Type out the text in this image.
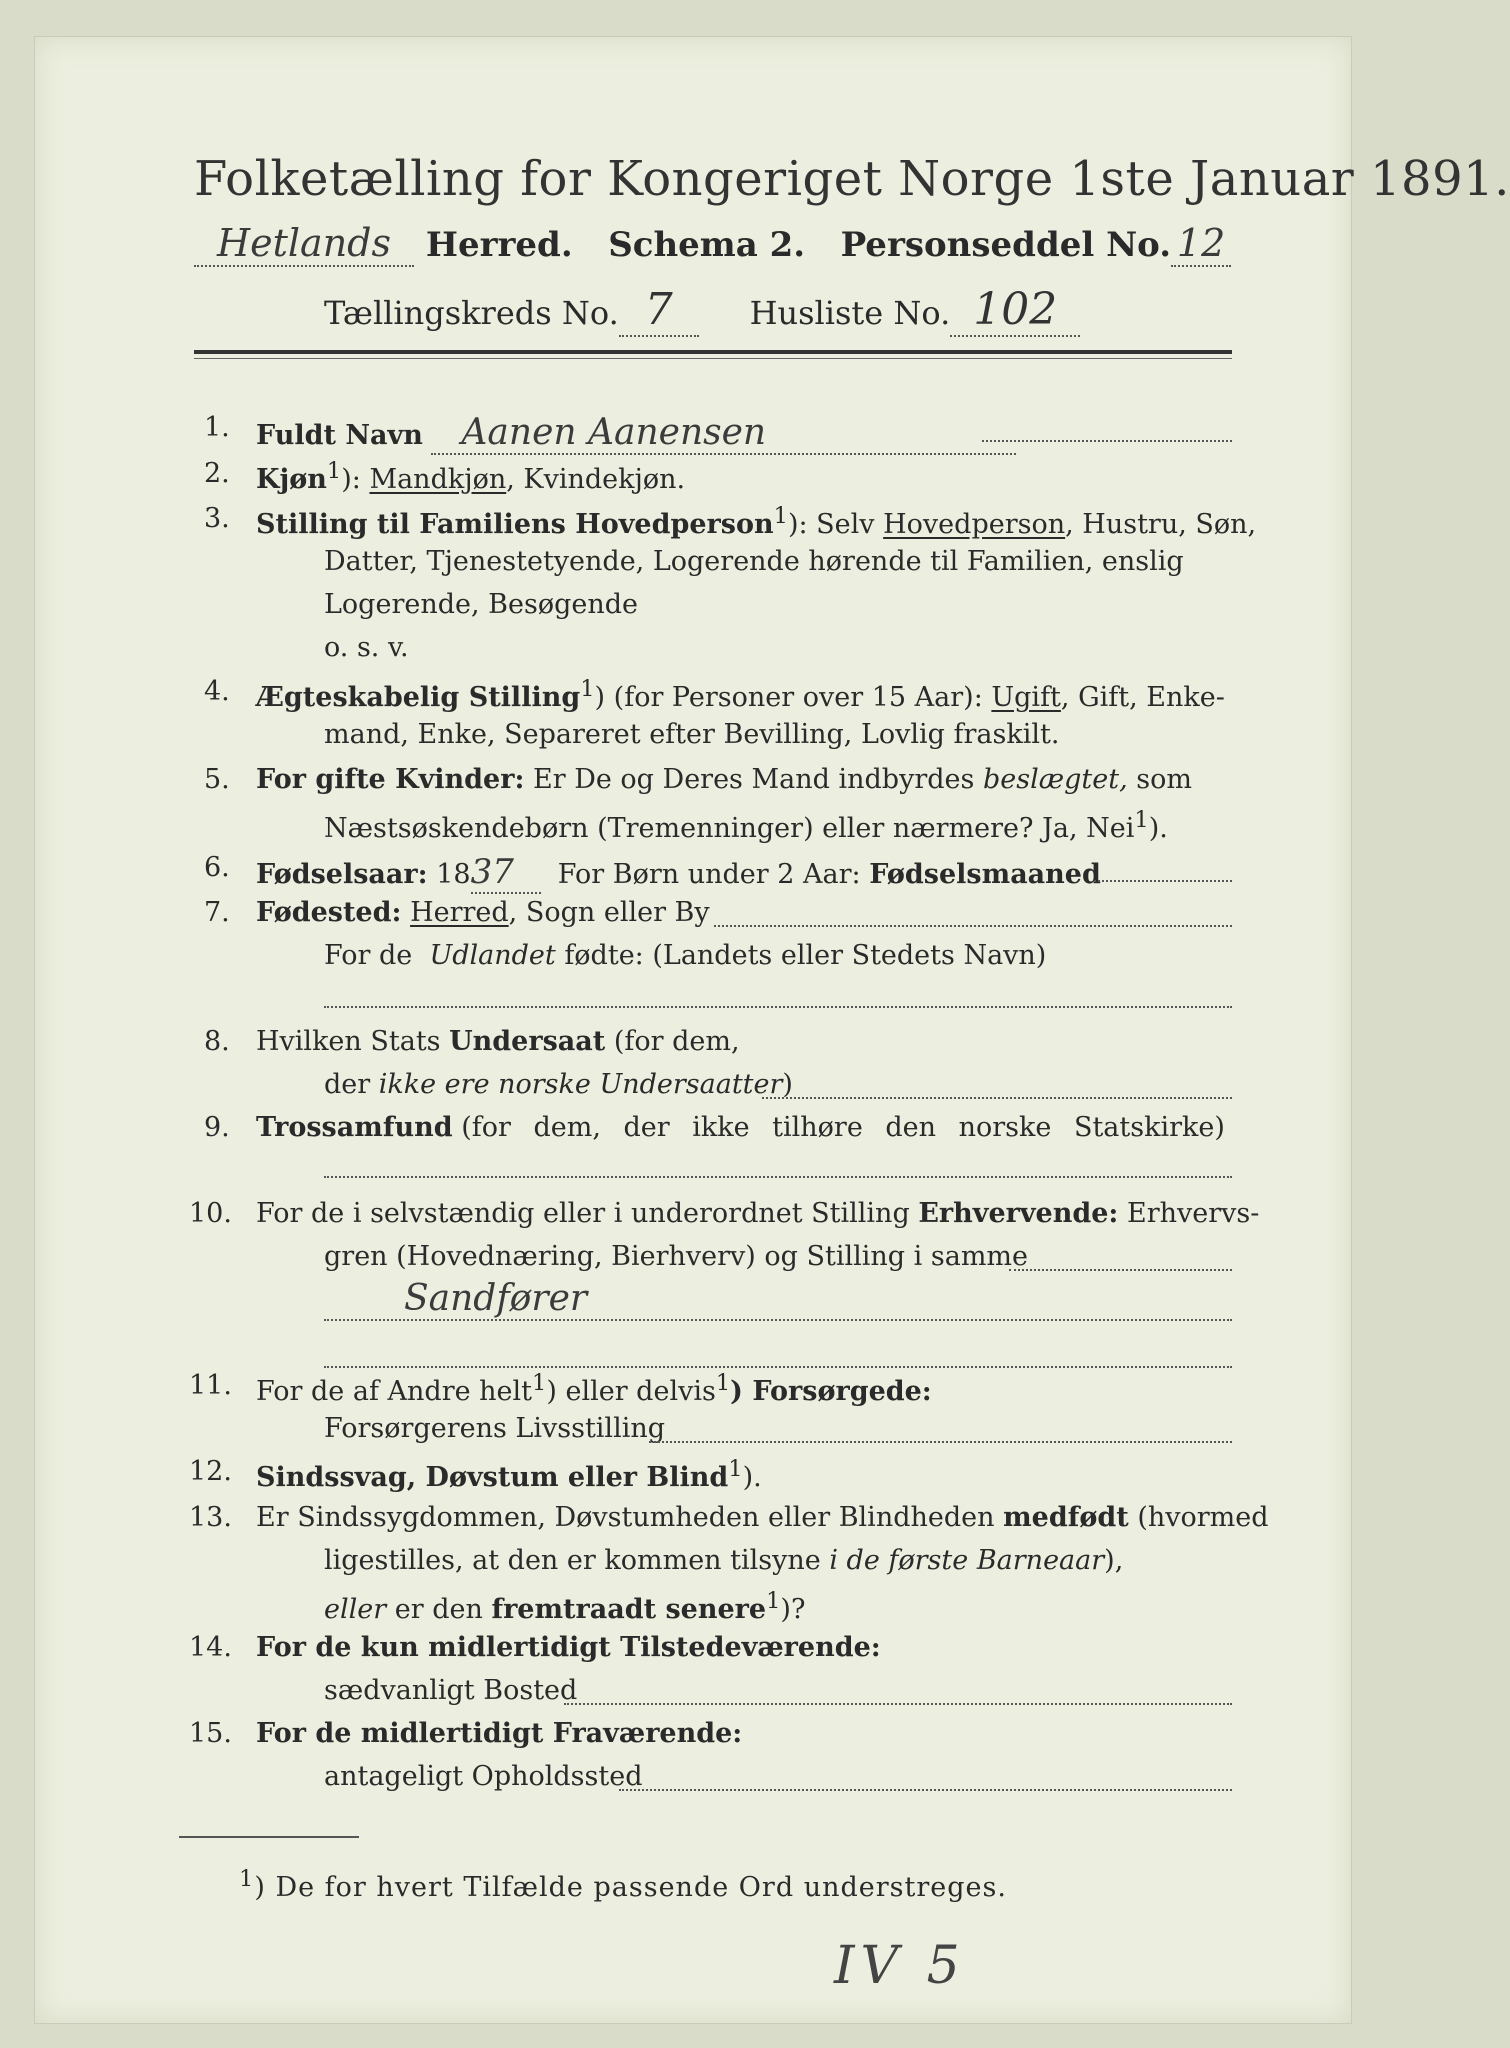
Folketælling for Kongeriget Norge 1ste Januar 1891.
Hetlands Herred. Schema 2. Personseddel No. 12
Tællingskreds No. 7 Husliste No. 102
1. Fuldt Navn Aanen Aanensen
2. Kjøn$^1$): Mandkjøn, Kvindekjøn.
3. Stilling til Familiens Hovedperson$^1$): Selv Hovedperson, Hustru, Søn,
Datter, Tjenestetyende, Logerende hørende til Familien, enslig
Logerende, Besøgende
o. s. v.
4. Ægteskabelig Stilling$^1$) (for Personer over 15 Aar): Ugift, Gift, Enke-
mand, Enke, Separeret efter Bevilling, Lovlig fraskilt.
5. For gifte Kvinder: Er De og Deres Mand indbyrdes beslægtet, som
Næstsøskendebørn (Tremenninger) eller nærmere? Ja, Nei$^1$).
6. Fødselsaar: 1837 For Børn under 2 Aar: Fødselsmaaned
7. Fødested: Herred, Sogn eller By
For de Udlandet fødte: (Landets eller Stedets Navn)
8. Hvilken Stats Undersaat (for dem,
der ikke ere norske Undersaatter)
9. Trossamfund (for dem, der ikke tilhøre den norske Statskirke)
10. For de i selvstændig eller i underordnet Stilling Erhvervende: Erhvervs-
gren (Hovednæring, Bierhverv) og Stilling i samme
Sandfører
11. For de af Andre helt$^1$) eller delvis$^1$) Forsørgede:
Forsørgerens Livsstilling
12. Sindssvag, Døvstum eller Blind$^1$).
13. Er Sindssygdommen, Døvstumheden eller Blindheden medfødt (hvormed
ligestilles, at den er kommen tilsyne i de første Barneaar),
eller er den fremtraadt senere$^1$)?
14. For de kun midlertidigt Tilstedeværende:
sædvanligt Bosted
15. For de midlertidigt Fraværende:
antageligt Opholdssted
$^1$) De for hvert Tilfælde passende Ord understreges.
IV 5
